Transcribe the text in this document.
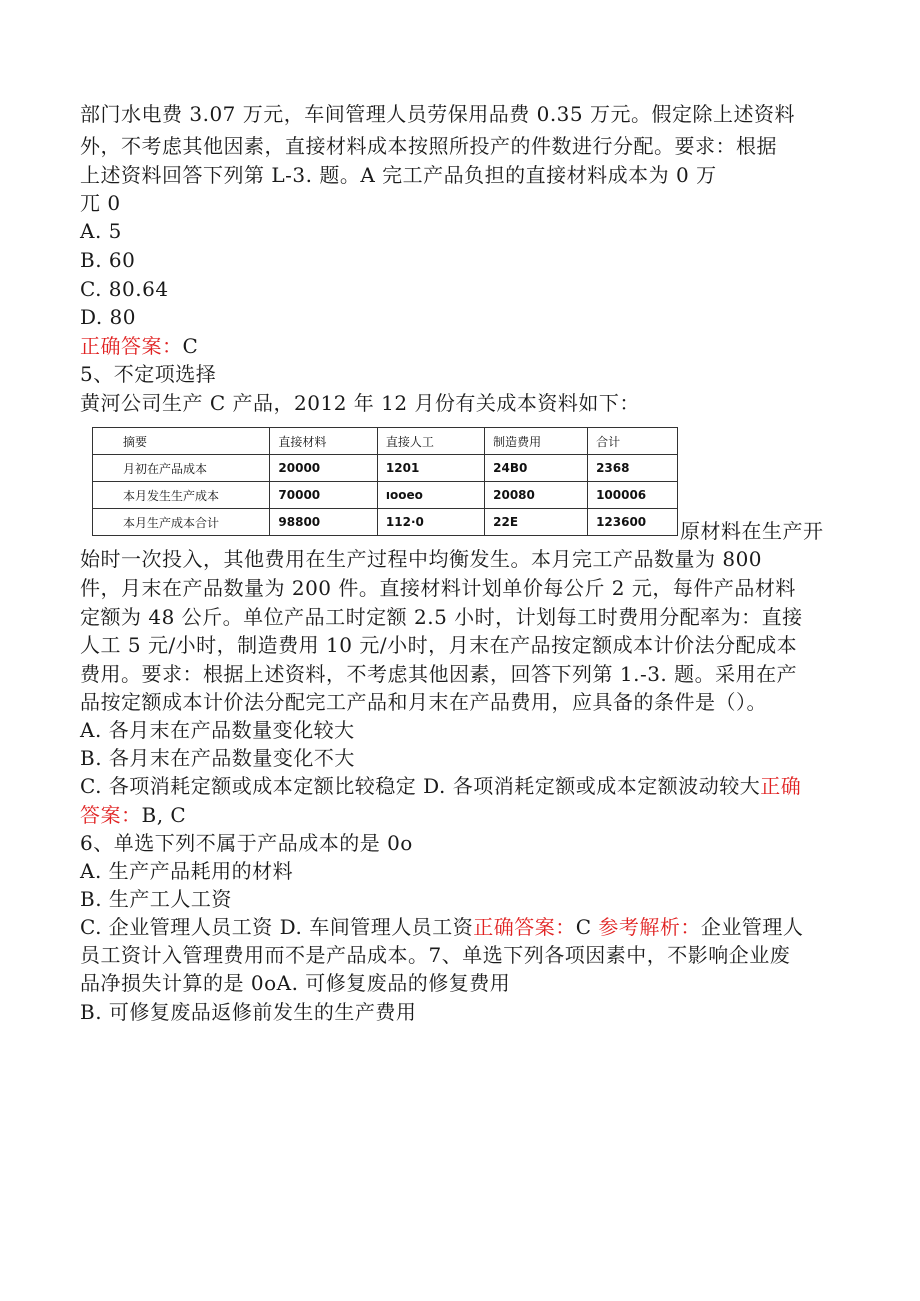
部门水电费 3.07 万元，车间管理人员劳保用品费 0.35 万元。假定除上述资料
外，不考虑其他因素，直接材料成本按照所投产的件数进行分配。要求：根据
上述资料回答下列第 L-3. 题。A 完工产品负担的直接材料成本为 0 万
兀 0
A. 5
B. 60
C. 80.64
D. 80
正确答案：C
5、不定项选择
黄河公司生产 C 产品，2012 年 12 月份有关成本资料如下：
摘要	直接材料	直接人工	制造费用	合计
月初在产品成本	20000	1201	24B0	2368
本月发生生产成本	70000	ıooeo	20080	100006
本月生产成本合计	98800	112·0	22E	123600 原材料在生产开
始时一次投入，其他费用在生产过程中均衡发生。本月完工产品数量为 800
件，月末在产品数量为 200 件。直接材料计划单价每公斤 2 元，每件产品材料
定额为 48 公斤。单位产品工时定额 2.5 小时，计划每工时费用分配率为：直接
人工 5 元/小时，制造费用 10 元/小时，月末在产品按定额成本计价法分配成本
费用。要求：根据上述资料，不考虑其他因素，回答下列第 1.-3. 题。采用在产
品按定额成本计价法分配完工产品和月末在产品费用，应具备的条件是（）。
A. 各月末在产品数量变化较大
B. 各月末在产品数量变化不大
C. 各项消耗定额或成本定额比较稳定 D. 各项消耗定额或成本定额波动较大正确
答案：B, C
6、单选下列不属于产品成本的是 0o
A. 生产产品耗用的材料
B. 生产工人工资
C. 企业管理人员工资 D. 车间管理人员工资正确答案：C 参考解析：企业管理人
员工资计入管理费用而不是产品成本。7、单选下列各项因素中，不影响企业废
品净损失计算的是 0oA. 可修复废品的修复费用
B. 可修复废品返修前发生的生产费用
